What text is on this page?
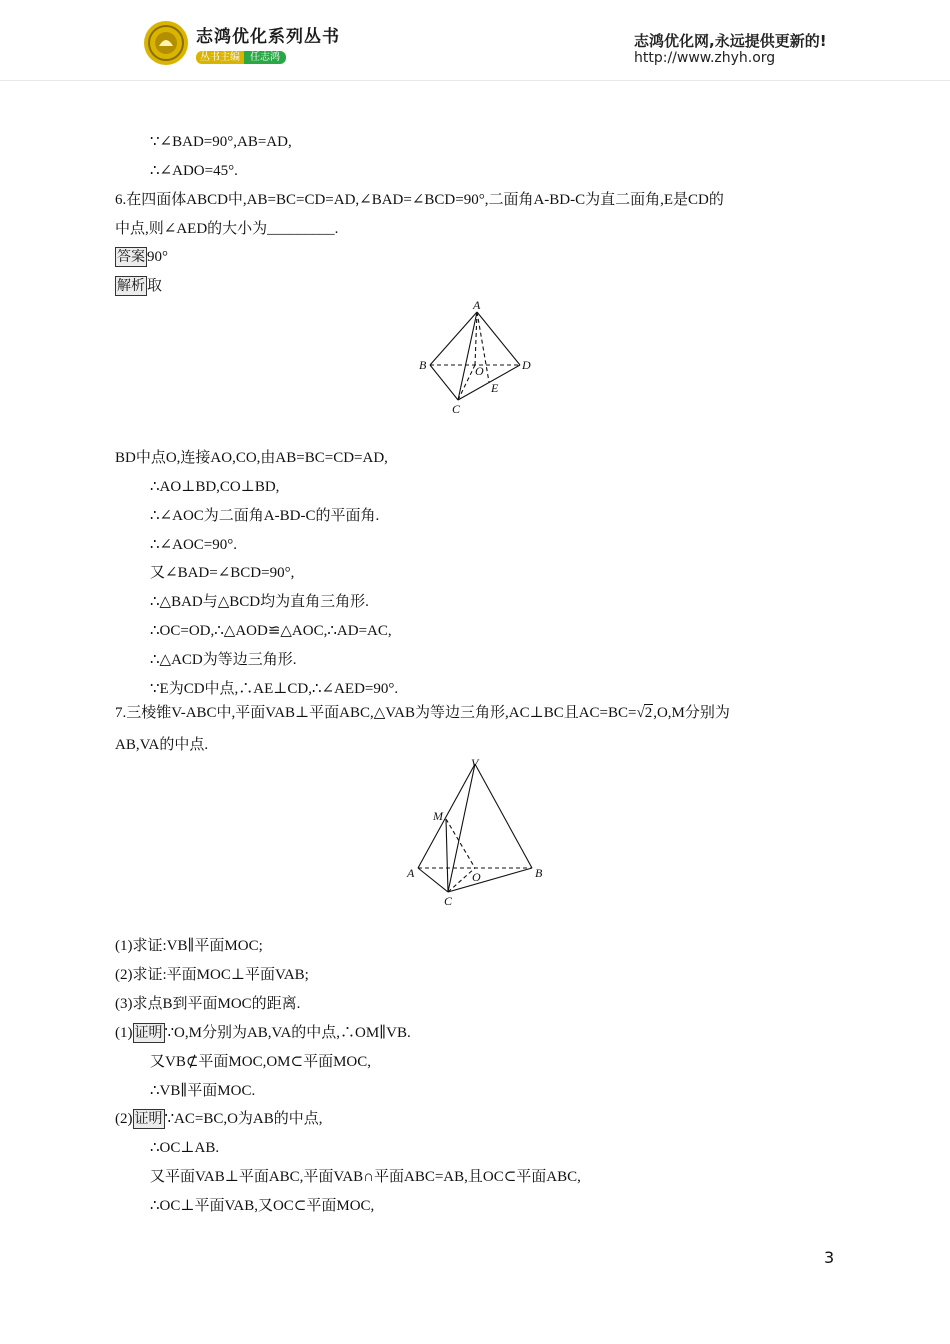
志鸿优化系列丛书
丛书主编 任志鸿
志鸿优化网,永远提供更新的!
http://www.zhyh.org
∵∠BAD=90°,AB=AD,
∴∠ADO=45°.
6.在四面体ABCD中,AB=BC=CD=AD,∠BAD=∠BCD=90°,二面角A-BD-C为直二面角,E是CD的
中点,则∠AED的大小为_________.
答案 90°
解析 取
A
B	D
O
E
C
BD中点O,连接AO,CO,由AB=BC=CD=AD,
∴AO⊥BD,CO⊥BD,
∴∠AOC为二面角A-BD-C的平面角.
∴∠AOC=90°.
又∠BAD=∠BCD=90°,
∴△BAD与△BCD均为直角三角形.
∴OC=OD,∴△AOD≌△AOC,∴AD=AC,
∴△ACD为等边三角形.
∵E为CD中点,∴AE⊥CD,∴∠AED=90°.
7.三棱锥V-ABC中,平面VAB⊥平面ABC,△VAB为等边三角形,AC⊥BC且AC=BC=√2,O,M分别为
AB,VA的中点.
V
M
A	O	B
C
(1)求证:VB∥平面MOC;
(2)求证:平面MOC⊥平面VAB;
(3)求点B到平面MOC的距离.
(1) 证明 ∵O,M分别为AB,VA的中点,∴OM∥VB.
又VB⊄平面MOC,OM⊂平面MOC,
∴VB∥平面MOC.
(2) 证明 ∵AC=BC,O为AB的中点,
∴OC⊥AB.
又平面VAB⊥平面ABC,平面VAB∩平面ABC=AB,且OC⊂平面ABC,
∴OC⊥平面VAB,又OC⊂平面MOC,
3
